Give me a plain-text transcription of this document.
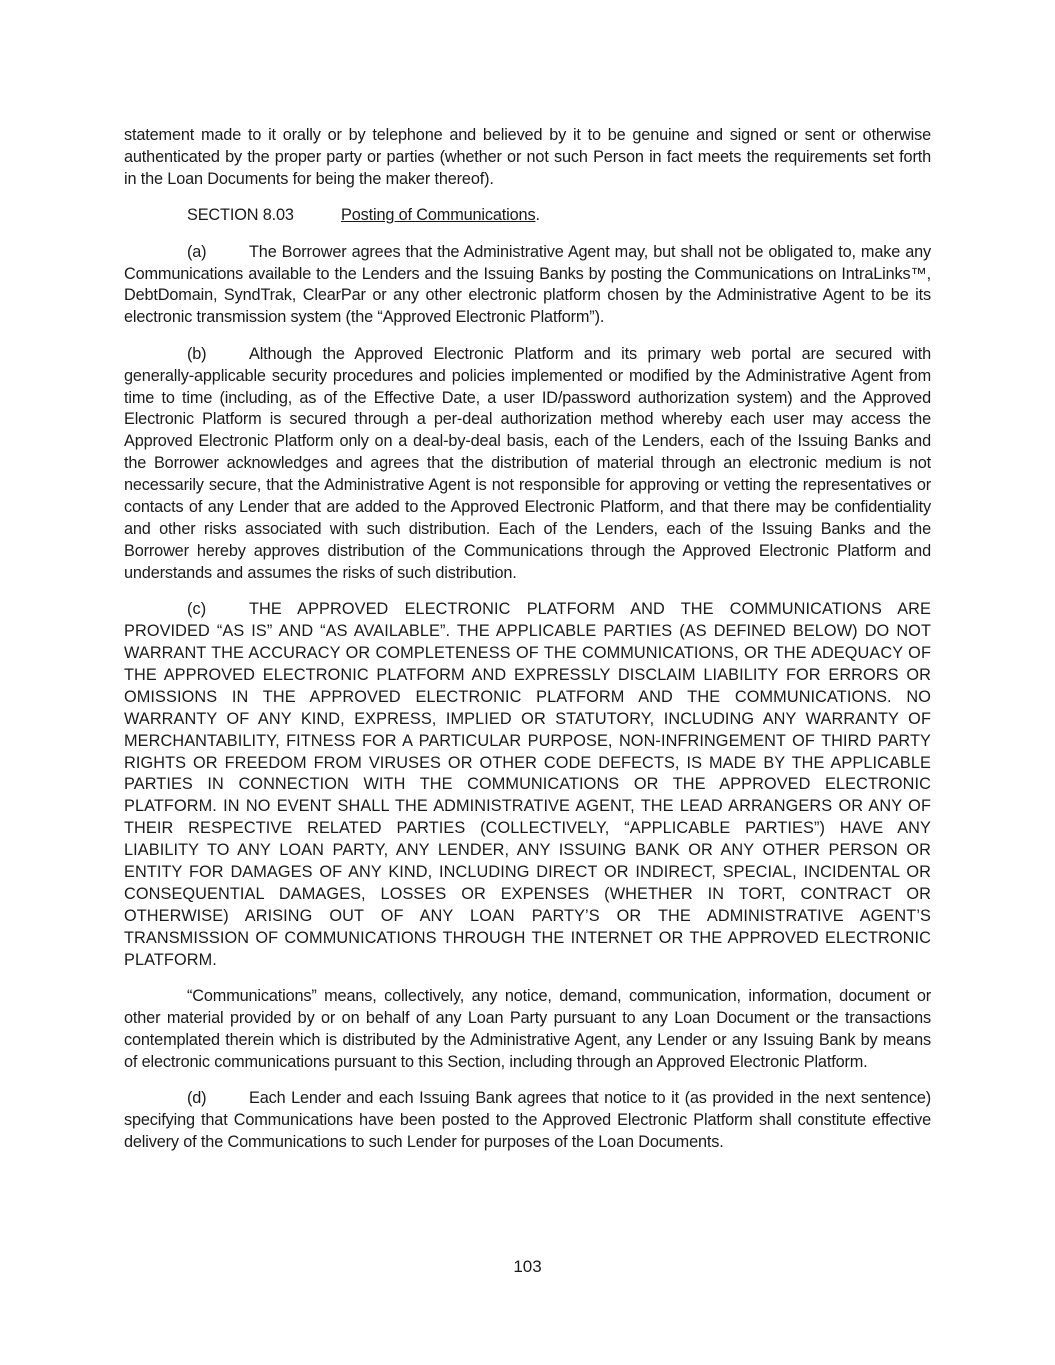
statement made to it orally or by telephone and believed by it to be genuine and signed or sent or otherwise authenticated by the proper party or parties (whether or not such Person in fact meets the requirements set forth in the Loan Documents for being the maker thereof).

SECTION 8.03	Posting of Communications.

(a)	The Borrower agrees that the Administrative Agent may, but shall not be obligated to, make any Communications available to the Lenders and the Issuing Banks by posting the Communications on IntraLinks™, DebtDomain, SyndTrak, ClearPar or any other electronic platform chosen by the Administrative Agent to be its electronic transmission system (the “Approved Electronic Platform”).

(b)	Although the Approved Electronic Platform and its primary web portal are secured with generally-applicable security procedures and policies implemented or modified by the Administrative Agent from time to time (including, as of the Effective Date, a user ID/password authorization system) and the Approved Electronic Platform is secured through a per-deal authorization method whereby each user may access the Approved Electronic Platform only on a deal-by-deal basis, each of the Lenders, each of the Issuing Banks and the Borrower acknowledges and agrees that the distribution of material through an electronic medium is not necessarily secure, that the Administrative Agent is not responsible for approving or vetting the representatives or contacts of any Lender that are added to the Approved Electronic Platform, and that there may be confidentiality and other risks associated with such distribution. Each of the Lenders, each of the Issuing Banks and the Borrower hereby approves distribution of the Communications through the Approved Electronic Platform and understands and assumes the risks of such distribution.

(c)	THE APPROVED ELECTRONIC PLATFORM AND THE COMMUNICATIONS ARE PROVIDED “AS IS” AND “AS AVAILABLE”. THE APPLICABLE PARTIES (AS DEFINED BELOW) DO NOT WARRANT THE ACCURACY OR COMPLETENESS OF THE COMMUNICATIONS, OR THE ADEQUACY OF THE APPROVED ELECTRONIC PLATFORM AND EXPRESSLY DISCLAIM LIABILITY FOR ERRORS OR OMISSIONS IN THE APPROVED ELECTRONIC PLATFORM AND THE COMMUNICATIONS. NO WARRANTY OF ANY KIND, EXPRESS, IMPLIED OR STATUTORY, INCLUDING ANY WARRANTY OF MERCHANTABILITY, FITNESS FOR A PARTICULAR PURPOSE, NON-INFRINGEMENT OF THIRD PARTY RIGHTS OR FREEDOM FROM VIRUSES OR OTHER CODE DEFECTS, IS MADE BY THE APPLICABLE PARTIES IN CONNECTION WITH THE COMMUNICATIONS OR THE APPROVED ELECTRONIC PLATFORM. IN NO EVENT SHALL THE ADMINISTRATIVE AGENT, THE LEAD ARRANGERS OR ANY OF THEIR RESPECTIVE RELATED PARTIES (COLLECTIVELY, “APPLICABLE PARTIES”) HAVE ANY LIABILITY TO ANY LOAN PARTY, ANY LENDER, ANY ISSUING BANK OR ANY OTHER PERSON OR ENTITY FOR DAMAGES OF ANY KIND, INCLUDING DIRECT OR INDIRECT, SPECIAL, INCIDENTAL OR CONSEQUENTIAL DAMAGES, LOSSES OR EXPENSES (WHETHER IN TORT, CONTRACT OR OTHERWISE) ARISING OUT OF ANY LOAN PARTY’S OR THE ADMINISTRATIVE AGENT’S TRANSMISSION OF COMMUNICATIONS THROUGH THE INTERNET OR THE APPROVED ELECTRONIC PLATFORM.

“Communications” means, collectively, any notice, demand, communication, information, document or other material provided by or on behalf of any Loan Party pursuant to any Loan Document or the transactions contemplated therein which is distributed by the Administrative Agent, any Lender or any Issuing Bank by means of electronic communications pursuant to this Section, including through an Approved Electronic Platform.

(d)	Each Lender and each Issuing Bank agrees that notice to it (as provided in the next sentence) specifying that Communications have been posted to the Approved Electronic Platform shall constitute effective delivery of the Communications to such Lender for purposes of the Loan Documents.

103
